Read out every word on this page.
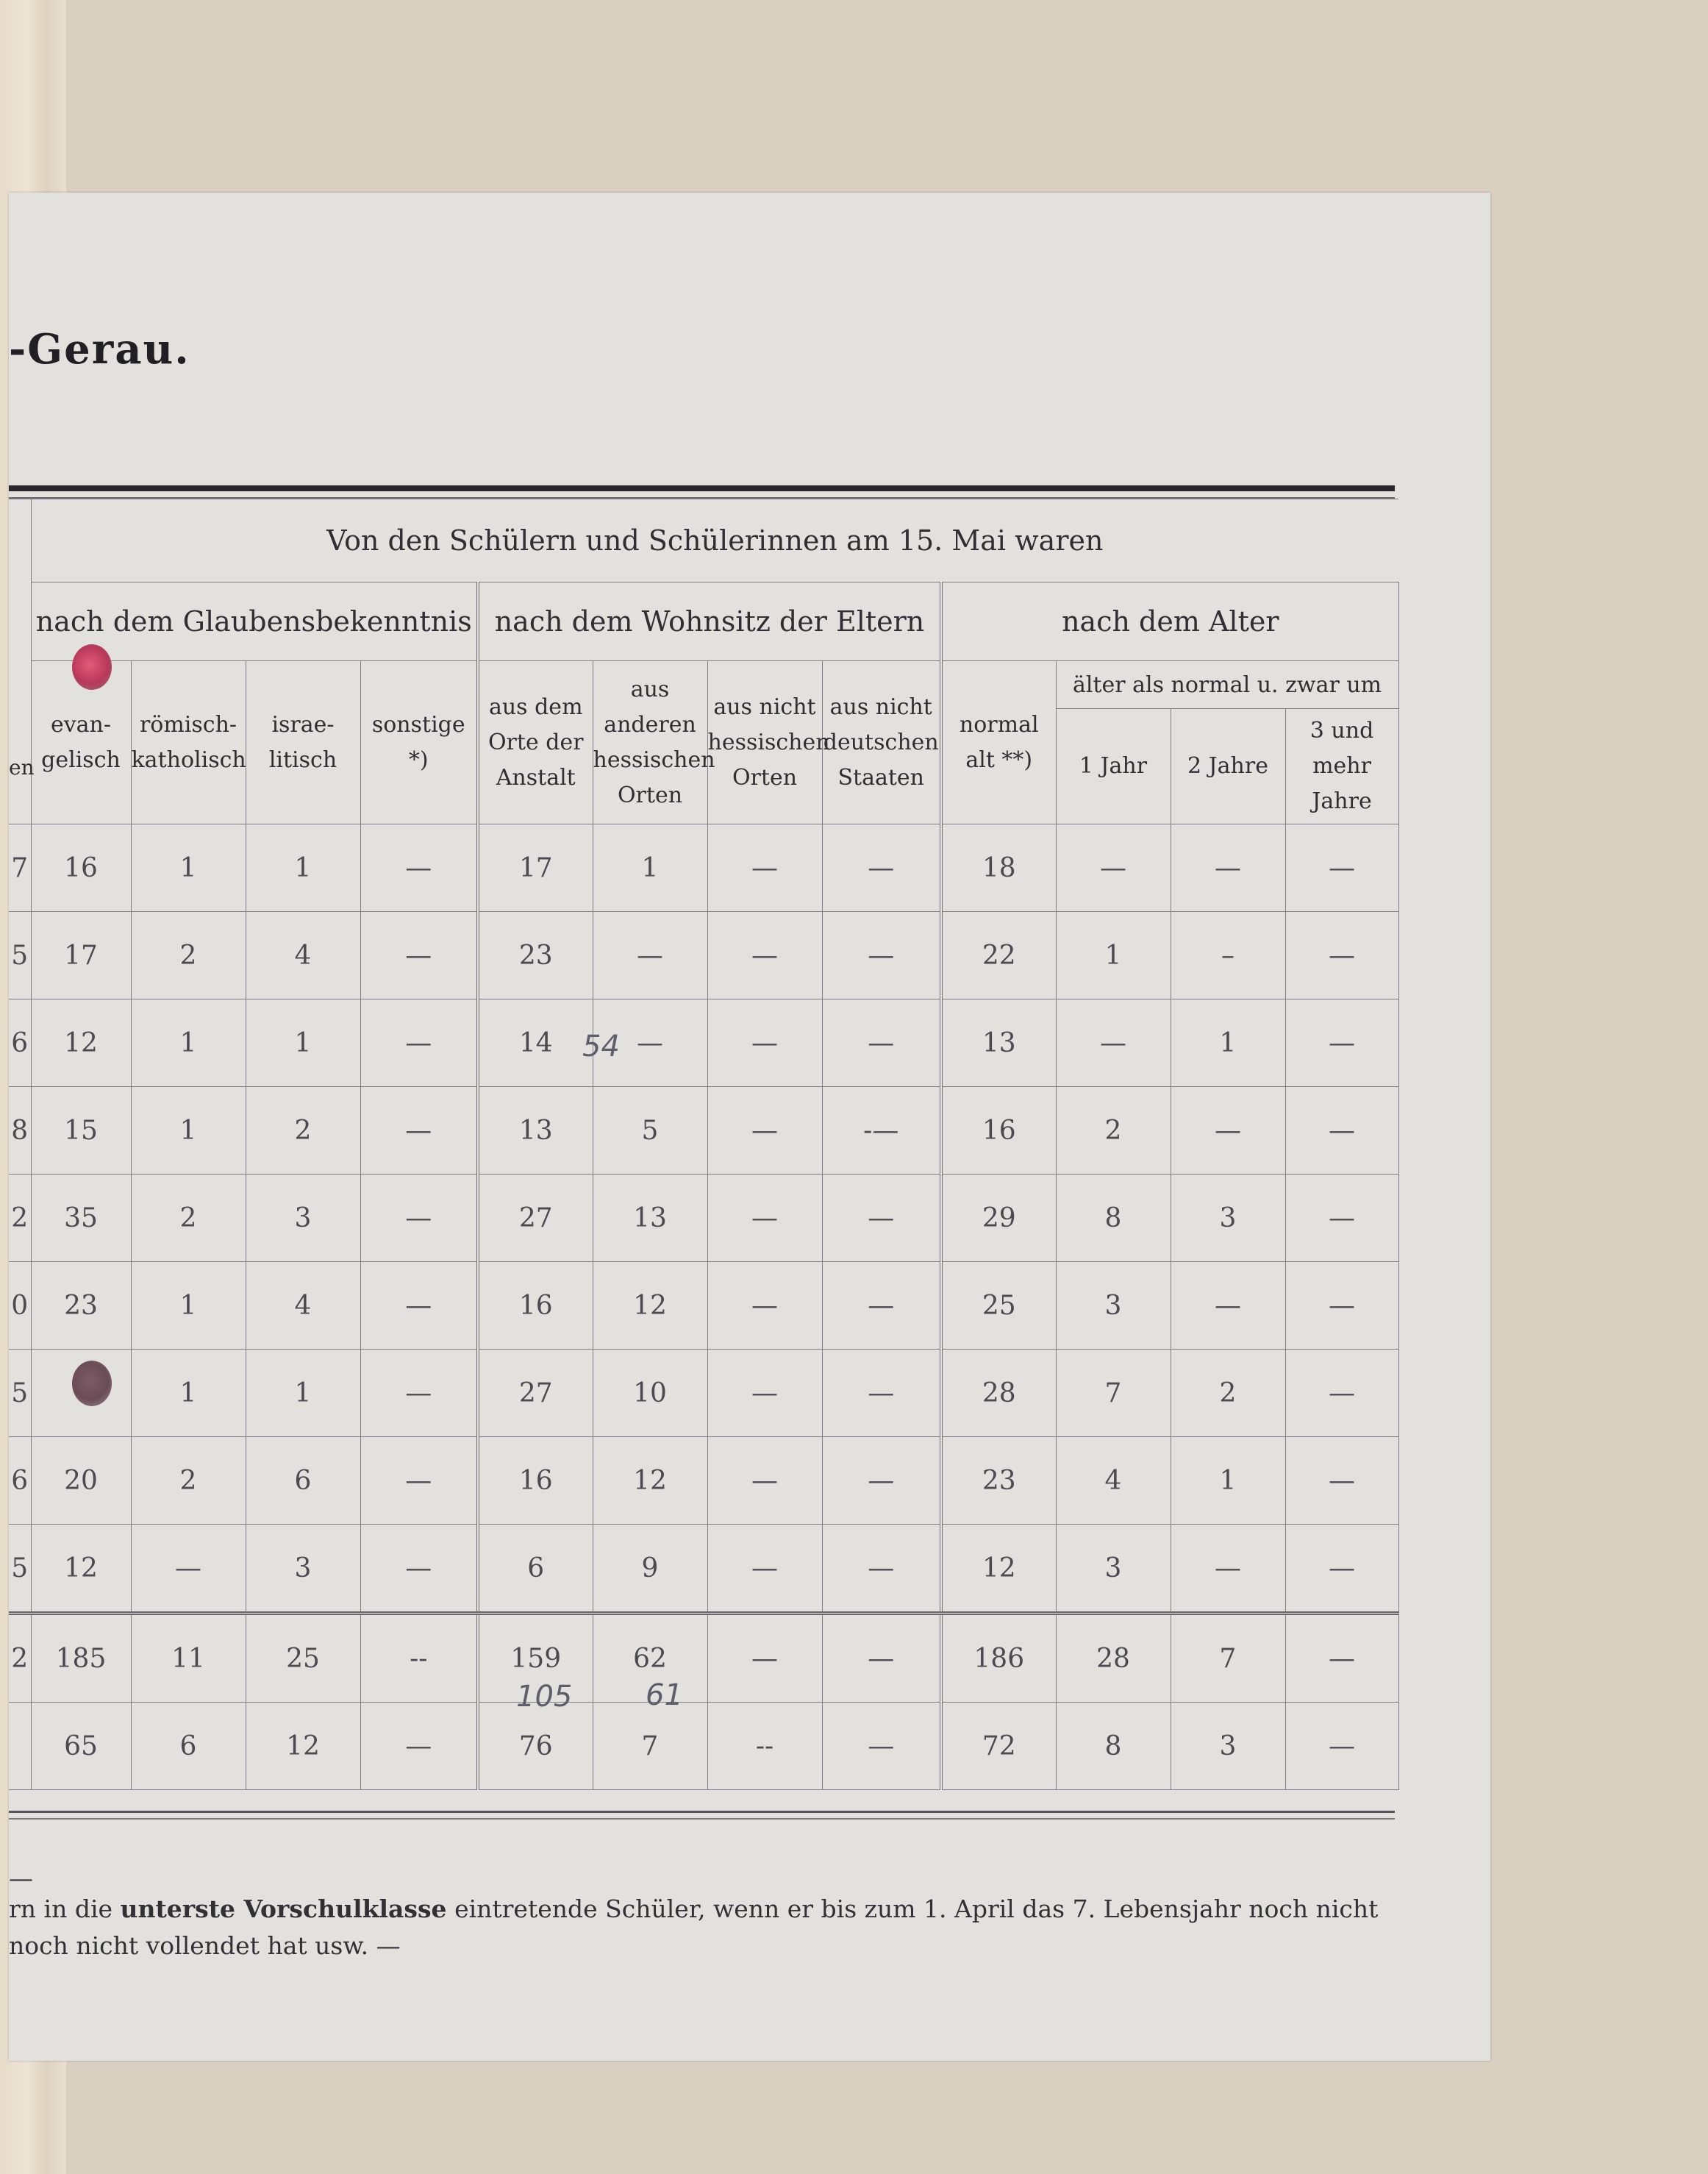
-Gerau.
en	Von den Schülern und Schülerinnen am 15. Mai waren											
	nach dem Glaubensbekenntnis				nach dem Wohnsitz der Eltern				nach dem Alter			
	evan-gelisch	römisch-katholisch	israe-litisch	sonstige *)	aus dem Orte der Anstalt	aus anderen hessischen Orten	aus nicht hessischen Orten	aus nicht deutschen Staaten	normal alt **)	älter als normal u. zwar um		
										1 Jahr	2 Jahre	3 und mehr Jahre
7	16	1	1	—	17	1	—	—	18	—	—	—
5	17	2	4	—	23	—	—	—	22	1	–	—
6	12	1	1	—	14	—	—	—	13	—	1	—
8	15	1	2	—	13	5	—	-—	16	2	—	—
2	35	2	3	—	27	13	—	—	29	8	3	—
0	23	1	4	—	16	12	—	—	25	3	—	—
5		1	1	—	27	10	—	—	28	7	2	—
6	20	2	6	—	16	12	—	—	23	4	1	—
5	12	—	3	—	6	9	—	—	12	3	—	—
2	185	11	25	--	159	62	—	—	186	28	7	—
	65	6	12	—	76	7	--	—	72	8	3	—
54
105 61
—
rn in die unterste Vorschulklasse eintretende Schüler, wenn er bis zum 1. April das 7. Lebensjahr noch nicht
noch nicht vollendet hat usw. —
